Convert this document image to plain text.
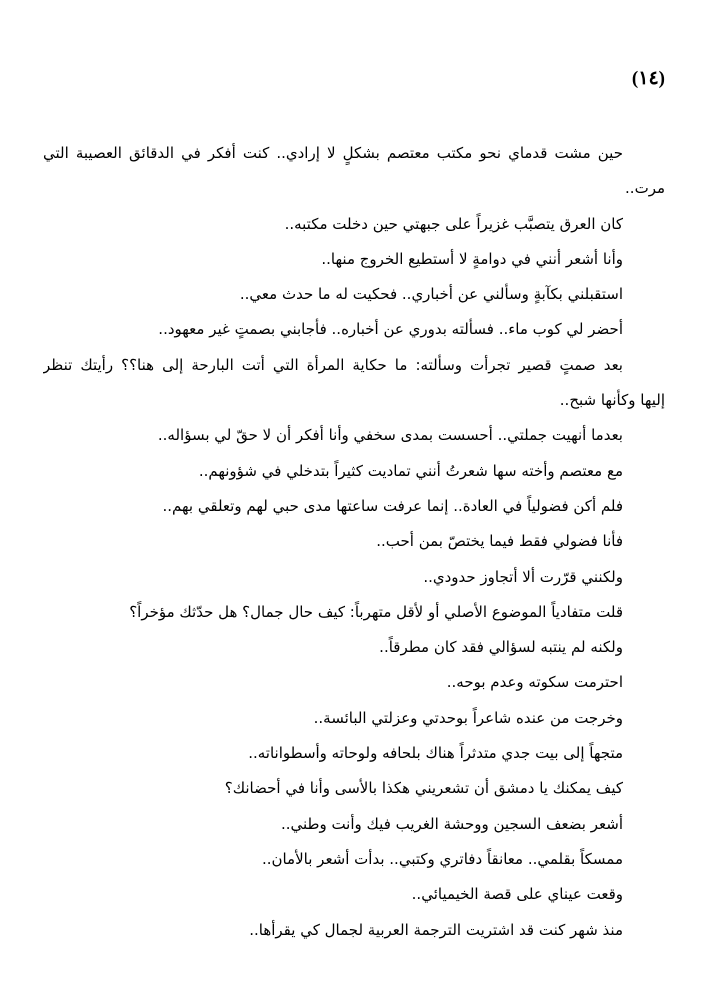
(١٤)
حين مشت قدماي نحو مكتب معتصم بشكلٍ لا إرادي.. كنت أفكر في الدقائق العصيبة التي
مرت..
كان العرق يتصبَّب غزيراً على جبهتي حين دخلت مكتبه..
وأنا أشعر أنني في دوامةٍ لا أستطيع الخروج منها..
استقبلني بكآبةٍ وسألني عن أخباري.. فحكيت له ما حدث معي..
أحضر لي كوب ماء.. فسألته بدوري عن أخباره.. فأجابني بصمتٍ غير معهود..
بعد صمتٍ قصير تجرأت وسألته: ما حكاية المرأة التي أتت البارحة إلى هنا؟؟ رأيتك تنظر
إليها وكأنها شبح..
بعدما أنهيت جملتي.. أحسست بمدى سخفي وأنا أفكر أن لا حقّ لي بسؤاله..
مع معتصم وأخته سها شعرتُ أنني تماديت كثيراً بتدخلي في شؤونهم..
فلم أكن فضولياً في العادة.. إنما عرفت ساعتها مدى حبي لهم وتعلقي بهم..
فأنا فضولي فقط فيما يختصّ بمن أحب..
ولكنني قرّرت ألا أتجاوز حدودي..
قلت متفادياً الموضوع الأصلي أو لأقل متهرباً: كيف حال جمال؟ هل حدّثك مؤخراً؟
ولكنه لم ينتبه لسؤالي فقد كان مطرقاً..
احترمت سكوته وعدم بوحه..
وخرجت من عنده شاعراً بوحدتي وعزلتي البائسة..
متجهاً إلى بيت جدي متدثراً هناك بلحافه ولوحاته وأسطواناته..
كيف يمكنك يا دمشق أن تشعريني هكذا بالأسى وأنا في أحضانك؟
أشعر بضعف السجين ووحشة الغريب فيك وأنت وطني..
ممسكاً بقلمي.. معانقاً دفاتري وكتبي.. بدأت أشعر بالأمان..
وقعت عيناي على قصة الخيميائي..
منذ شهر كنت قد اشتريت الترجمة العربية لجمال كي يقرأها..
